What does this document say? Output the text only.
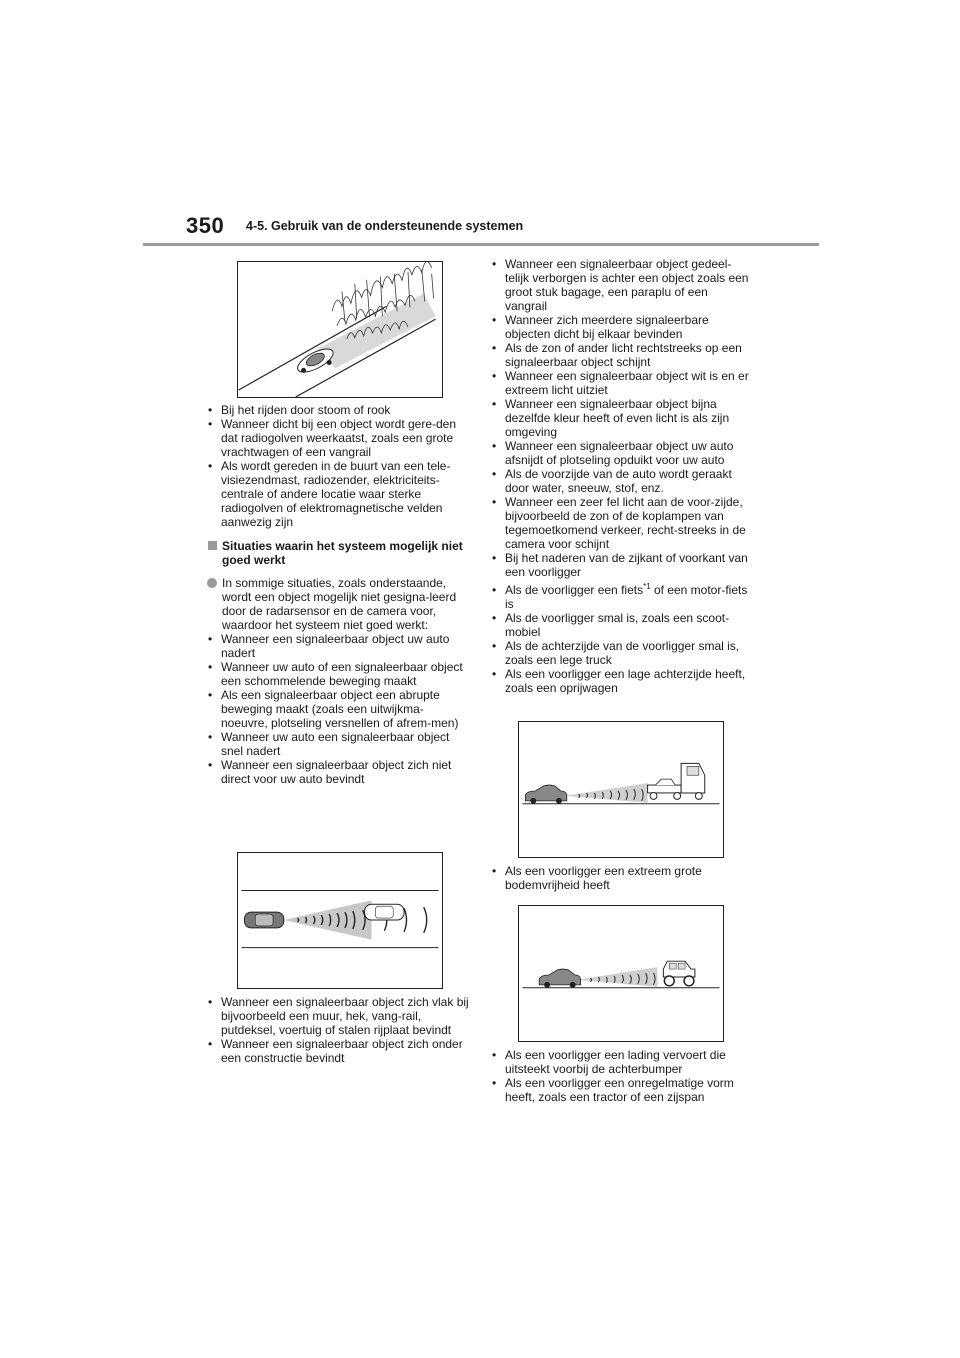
350 4-5. Gebruik van de ondersteunende systemen
• Bij het rijden door stoom of rook
• Wanneer dicht bij een object wordt gere-den dat radiogolven weerkaatst, zoals een grote vrachtwagen of een vangrail
• Als wordt gereden in de buurt van een tele-visiezendmast, radiozender, elektriciteits-centrale of andere locatie waar sterke radiogolven of elektromagnetische velden aanwezig zijn
Situaties waarin het systeem mogelijk niet goed werkt
In sommige situaties, zoals onderstaande, wordt een object mogelijk niet gesigna-leerd door de radarsensor en de camera voor, waardoor het systeem niet goed werkt:
• Wanneer een signaleerbaar object uw auto nadert
• Wanneer uw auto of een signaleerbaar object een schommelende beweging maakt
• Als een signaleerbaar object een abrupte beweging maakt (zoals een uitwijkma-noeuvre, plotseling versnellen of afrem-men)
• Wanneer uw auto een signaleerbaar object snel nadert
• Wanneer een signaleerbaar object zich niet direct voor uw auto bevindt
• Wanneer een signaleerbaar object zich vlak bij bijvoorbeeld een muur, hek, vang-rail, putdeksel, voertuig of stalen rijplaat bevindt
• Wanneer een signaleerbaar object zich onder een constructie bevindt
• Wanneer een signaleerbaar object gedeel-telijk verborgen is achter een object zoals een groot stuk bagage, een paraplu of een vangrail
• Wanneer zich meerdere signaleerbare objecten dicht bij elkaar bevinden
• Als de zon of ander licht rechtstreeks op een signaleerbaar object schijnt
• Wanneer een signaleerbaar object wit is en er extreem licht uitziet
• Wanneer een signaleerbaar object bijna dezelfde kleur heeft of even licht is als zijn omgeving
• Wanneer een signaleerbaar object uw auto afsnijdt of plotseling opduikt voor uw auto
• Als de voorzijde van de auto wordt geraakt door water, sneeuw, stof, enz.
• Wanneer een zeer fel licht aan de voor-zijde, bijvoorbeeld de zon of de koplampen van tegemoetkomend verkeer, recht-streeks in de camera voor schijnt
• Bij het naderen van de zijkant of voorkant van een voorligger
• Als de voorligger een fiets$^{*1}$ of een motor-fiets is
• Als de voorligger smal is, zoals een scoot-mobiel
• Als de achterzijde van de voorligger smal is, zoals een lege truck
• Als een voorligger een lage achterzijde heeft, zoals een oprijwagen
• Als een voorligger een extreem grote bodemvrijheid heeft
• Als een voorligger een lading vervoert die uitsteekt voorbij de achterbumper
• Als een voorligger een onregelmatige vorm heeft, zoals een tractor of een zijspan
